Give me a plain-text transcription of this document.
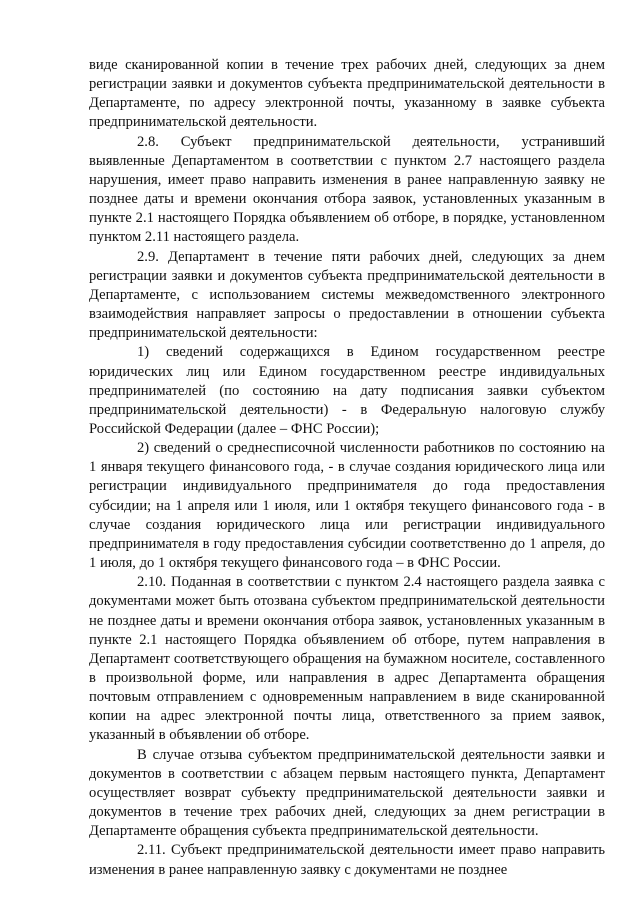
виде сканированной копии в течение трех рабочих дней, следующих за днем регистрации заявки и документов субъекта предпринимательской деятельности в Департаменте, по адресу электронной почты, указанному в заявке субъекта предпринимательской деятельности.

2.8. Субъект предпринимательской деятельности, устранивший выявленные Департаментом в соответствии с пунктом 2.7 настоящего раздела нарушения, имеет право направить изменения в ранее направленную заявку не позднее даты и времени окончания отбора заявок, установленных указанным в пункте 2.1 настоящего Порядка объявлением об отборе, в порядке, установленном пунктом 2.11 настоящего раздела.

2.9. Департамент в течение пяти рабочих дней, следующих за днем регистрации заявки и документов субъекта предпринимательской деятельности в Департаменте, с использованием системы межведомственного электронного взаимодействия направляет запросы о предоставлении в отношении субъекта предпринимательской деятельности:

1) сведений содержащихся в Едином государственном реестре юридических лиц или Едином государственном реестре индивидуальных предпринимателей (по состоянию на дату подписания заявки субъектом предпринимательской деятельности) - в Федеральную налоговую службу Российской Федерации (далее – ФНС России);

2) сведений о среднесписочной численности работников по состоянию на 1 января текущего финансового года, - в случае создания юридического лица или регистрации индивидуального предпринимателя до года предоставления субсидии; на 1 апреля или 1 июля, или 1 октября текущего финансового года - в случае создания юридического лица или регистрации индивидуального предпринимателя в году предоставления субсидии соответственно до 1 апреля, до 1 июля, до 1 октября текущего финансового года – в ФНС России.

2.10. Поданная в соответствии с пунктом 2.4 настоящего раздела заявка с документами может быть отозвана субъектом предпринимательской деятельности не позднее даты и времени окончания отбора заявок, установленных указанным в пункте 2.1 настоящего Порядка объявлением об отборе, путем направления в Департамент соответствующего обращения на бумажном носителе, составленного в произвольной форме, или направления в адрес Департамента обращения почтовым отправлением с одновременным направлением в виде сканированной копии на адрес электронной почты лица, ответственного за прием заявок, указанный в объявлении об отборе.

В случае отзыва субъектом предпринимательской деятельности заявки и документов в соответствии с абзацем первым настоящего пункта, Департамент осуществляет возврат субъекту предпринимательской деятельности заявки и документов в течение трех рабочих дней, следующих за днем регистрации в Департаменте обращения субъекта предпринимательской деятельности.

2.11. Субъект предпринимательской деятельности имеет право направить изменения в ранее направленную заявку с документами не позднее
